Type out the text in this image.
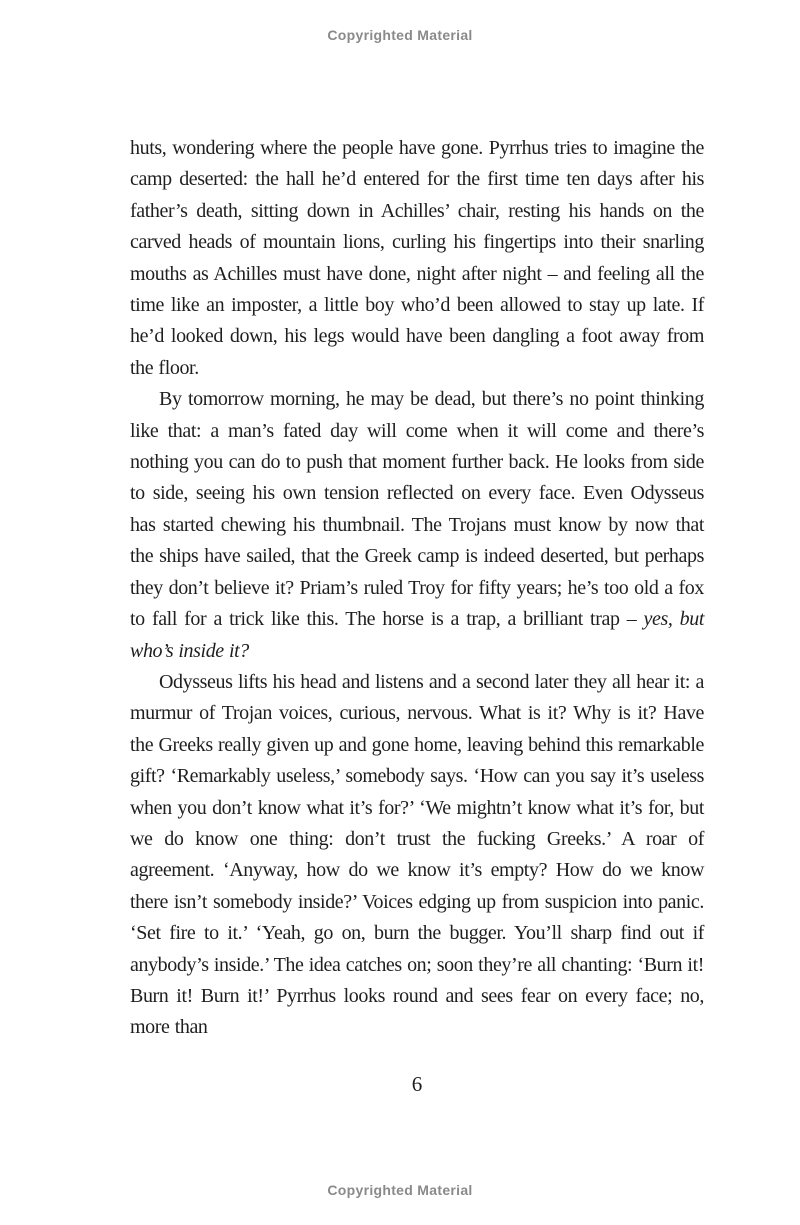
Copyrighted Material

huts, wondering where the people have gone. Pyrrhus tries to imagine the camp deserted: the hall he’d entered for the first time ten days after his father’s death, sitting down in Achilles’ chair, resting his hands on the carved heads of mountain lions, curling his fingertips into their snarling mouths as Achilles must have done, night after night – and feeling all the time like an imposter, a little boy who’d been allowed to stay up late. If he’d looked down, his legs would have been dangling a foot away from the floor.

By tomorrow morning, he may be dead, but there’s no point thinking like that: a man’s fated day will come when it will come and there’s nothing you can do to push that moment further back. He looks from side to side, seeing his own tension reflected on every face. Even Odysseus has started chewing his thumbnail. The Trojans must know by now that the ships have sailed, that the Greek camp is indeed deserted, but perhaps they don’t believe it? Priam’s ruled Troy for fifty years; he’s too old a fox to fall for a trick like this. The horse is a trap, a brilliant trap – yes, but who’s inside it?

Odysseus lifts his head and listens and a second later they all hear it: a murmur of Trojan voices, curious, nervous. What is it? Why is it? Have the Greeks really given up and gone home, leaving behind this remarkable gift? ‘Remarkably useless,’ somebody says. ‘How can you say it’s useless when you don’t know what it’s for?’ ‘We mightn’t know what it’s for, but we do know one thing: don’t trust the fucking Greeks.’ A roar of agreement. ‘Anyway, how do we know it’s empty? How do we know there isn’t somebody inside?’ Voices edging up from suspicion into panic. ‘Set fire to it.’ ‘Yeah, go on, burn the bugger. You’ll sharp find out if anybody’s inside.’ The idea catches on; soon they’re all chanting: ‘Burn it! Burn it! Burn it!’ Pyrrhus looks round and sees fear on every face; no, more than

6
Copyrighted Material
